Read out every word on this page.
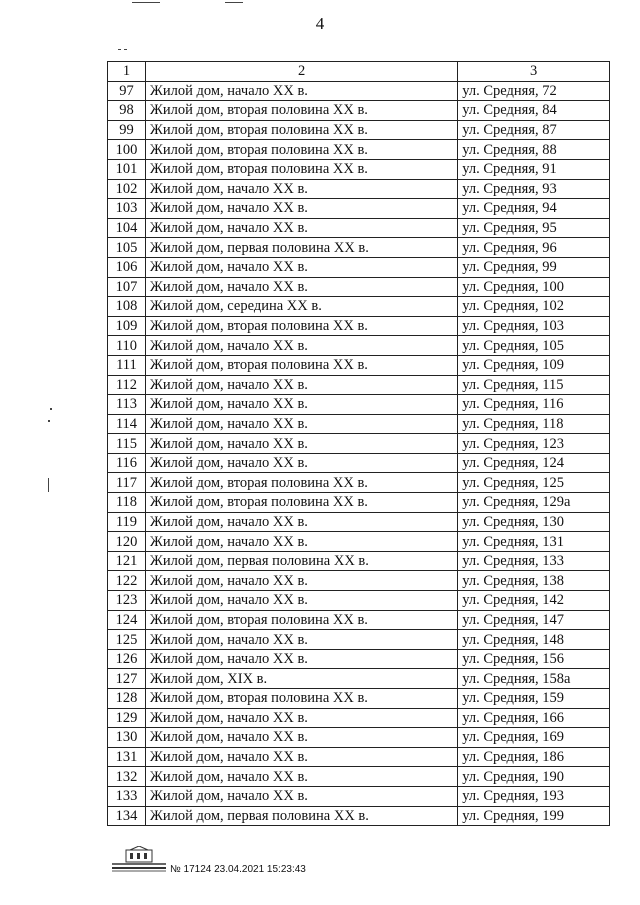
4
1	2	3
97	Жилой дом, начало XX в.	ул. Средняя, 72
98	Жилой дом, вторая половина XX в.	ул. Средняя, 84
99	Жилой дом, вторая половина XX в.	ул. Средняя, 87
100	Жилой дом, вторая половина XX в.	ул. Средняя, 88
101	Жилой дом, вторая половина XX в.	ул. Средняя, 91
102	Жилой дом, начало XX в.	ул. Средняя, 93
103	Жилой дом, начало XX в.	ул. Средняя, 94
104	Жилой дом, начало XX в.	ул. Средняя, 95
105	Жилой дом, первая половина XX в.	ул. Средняя, 96
106	Жилой дом, начало XX в.	ул. Средняя, 99
107	Жилой дом, начало XX в.	ул. Средняя, 100
108	Жилой дом, середина XX в.	ул. Средняя, 102
109	Жилой дом, вторая половина XX в.	ул. Средняя, 103
110	Жилой дом, начало XX в.	ул. Средняя, 105
111	Жилой дом, вторая половина XX в.	ул. Средняя, 109
112	Жилой дом, начало XX в.	ул. Средняя, 115
113	Жилой дом, начало XX в.	ул. Средняя, 116
114	Жилой дом, начало XX в.	ул. Средняя, 118
115	Жилой дом, начало XX в.	ул. Средняя, 123
116	Жилой дом, начало XX в.	ул. Средняя, 124
117	Жилой дом, вторая половина XX в.	ул. Средняя, 125
118	Жилой дом, вторая половина XX в.	ул. Средняя, 129а
119	Жилой дом, начало XX в.	ул. Средняя, 130
120	Жилой дом, начало XX в.	ул. Средняя, 131
121	Жилой дом, первая половина XX в.	ул. Средняя, 133
122	Жилой дом, начало XX в.	ул. Средняя, 138
123	Жилой дом, начало XX в.	ул. Средняя, 142
124	Жилой дом, вторая половина XX в.	ул. Средняя, 147
125	Жилой дом, начало XX в.	ул. Средняя, 148
126	Жилой дом, начало XX в.	ул. Средняя, 156
127	Жилой дом, XIX в.	ул. Средняя, 158а
128	Жилой дом, вторая половина XX в.	ул. Средняя, 159
129	Жилой дом, начало XX в.	ул. Средняя, 166
130	Жилой дом, начало XX в.	ул. Средняя, 169
131	Жилой дом, начало XX в.	ул. Средняя, 186
132	Жилой дом, начало XX в.	ул. Средняя, 190
133	Жилой дом, начало XX в.	ул. Средняя, 193
134	Жилой дом, первая половина XX в.	ул. Средняя, 199
№ 17124 23.04.2021 15:23:43
